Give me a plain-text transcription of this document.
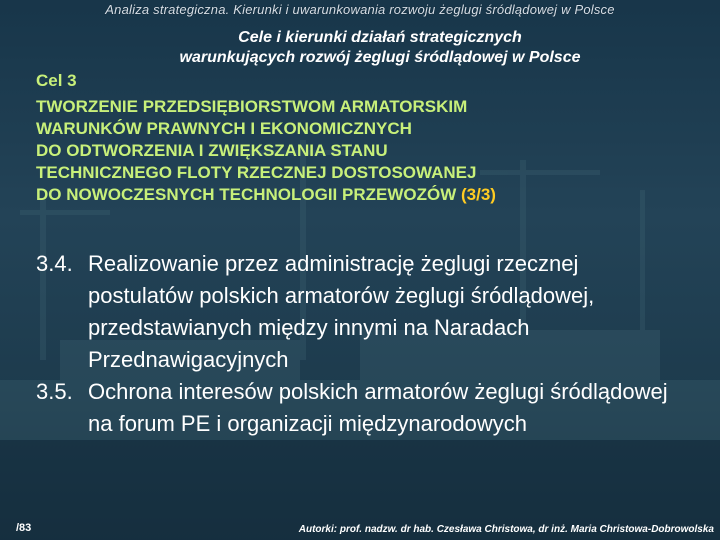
Analiza strategiczna. Kierunki i uwarunkowania rozwoju żeglugi śródlądowej w Polsce
Cele i kierunki działań strategicznych
warunkujących rozwój żeglugi śródlądowej w Polsce
Cel 3
TWORZENIE PRZEDSIĘBIORSTWOM ARMATORSKIM
WARUNKÓW PRAWNYCH I EKONOMICZNYCH
DO ODTWORZENIA I ZWIĘKSZANIA STANU
TECHNICZNEGO FLOTY RZECZNEJ DOSTOSOWANEJ
DO NOWOCZESNYCH TECHNOLOGII PRZEWOZÓW (3/3)
3.4. Realizowanie przez administrację żeglugi rzecznej postulatów polskich armatorów żeglugi śródlądowej, przedstawianych między innymi na Naradach Przednawigacyjnych
3.5. Ochrona interesów polskich armatorów żeglugi śródlądowej na forum PE i organizacji międzynarodowych
/83	Autorki: prof. nadzw. dr hab. Czesława Christowa, dr inż. Maria Christowa-Dobrowolska
